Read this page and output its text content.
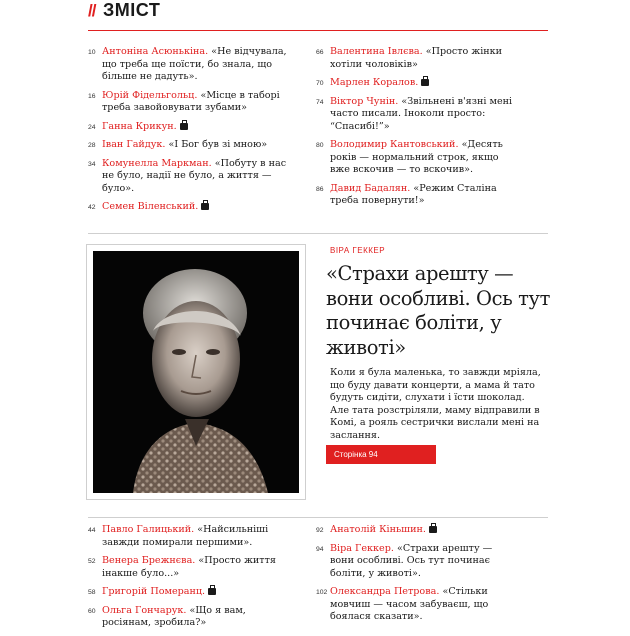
// ЗМІСТ
10 Антоніна Асюнькіна. «Не відчувала, що треба ще поїсти, бо знала, що більше не дадуть».
16 Юрій Фідельгольц. «Місце в таборі треба завойовувати зубами»
24 Ганна Крикун.
28 Іван Гайдук. «І Бог був зі мною»
34 Комунелла Маркман. «Побуту в нас не було, надії не було, а життя — було».
42 Семен Віленський.
66 Валентина Івлєва. «Просто жінки хотіли чоловіків»
70 Марлен Коралов.
74 Віктор Чунін. «Звільнені в'язні мені часто писали. Іноколи просто: “Спасибі!”»
80 Володимир Кантовський. «Десять років — нормальний строк, якщо вже вскочив — то вскочив».
86 Давид Бадалян. «Режим Сталіна треба повернути!»
ВІРА ГЕККЕР
«Страхи арешту — вони особливі. Ось тут починає боліти, у животі»
Коли я була маленька, то завжди мріяла, що буду давати концерти, а мама й тато будуть сидіти, слухати і їсти шоколад. Але тата розстріляли, маму відправили в Комі, а рояль сестрички вислали мені на заслання.
Сторінка 94
44 Павло Галицький. «Найсильніші завжди помирали першими».
52 Венера Брежнєва. «Просто життя інакше було...»
58 Григорій Померанц.
60 Ольга Гончарук. «Що я вам, росіянам, зробила?»
92 Анатолій Кіньшин.
94 Віра Геккер. «Страхи арешту — вони особливі. Ось тут починає боліти, у животі».
102 Олександра Петрова. «Стільки мовчиш — часом забуваєш, що боялася сказати».
